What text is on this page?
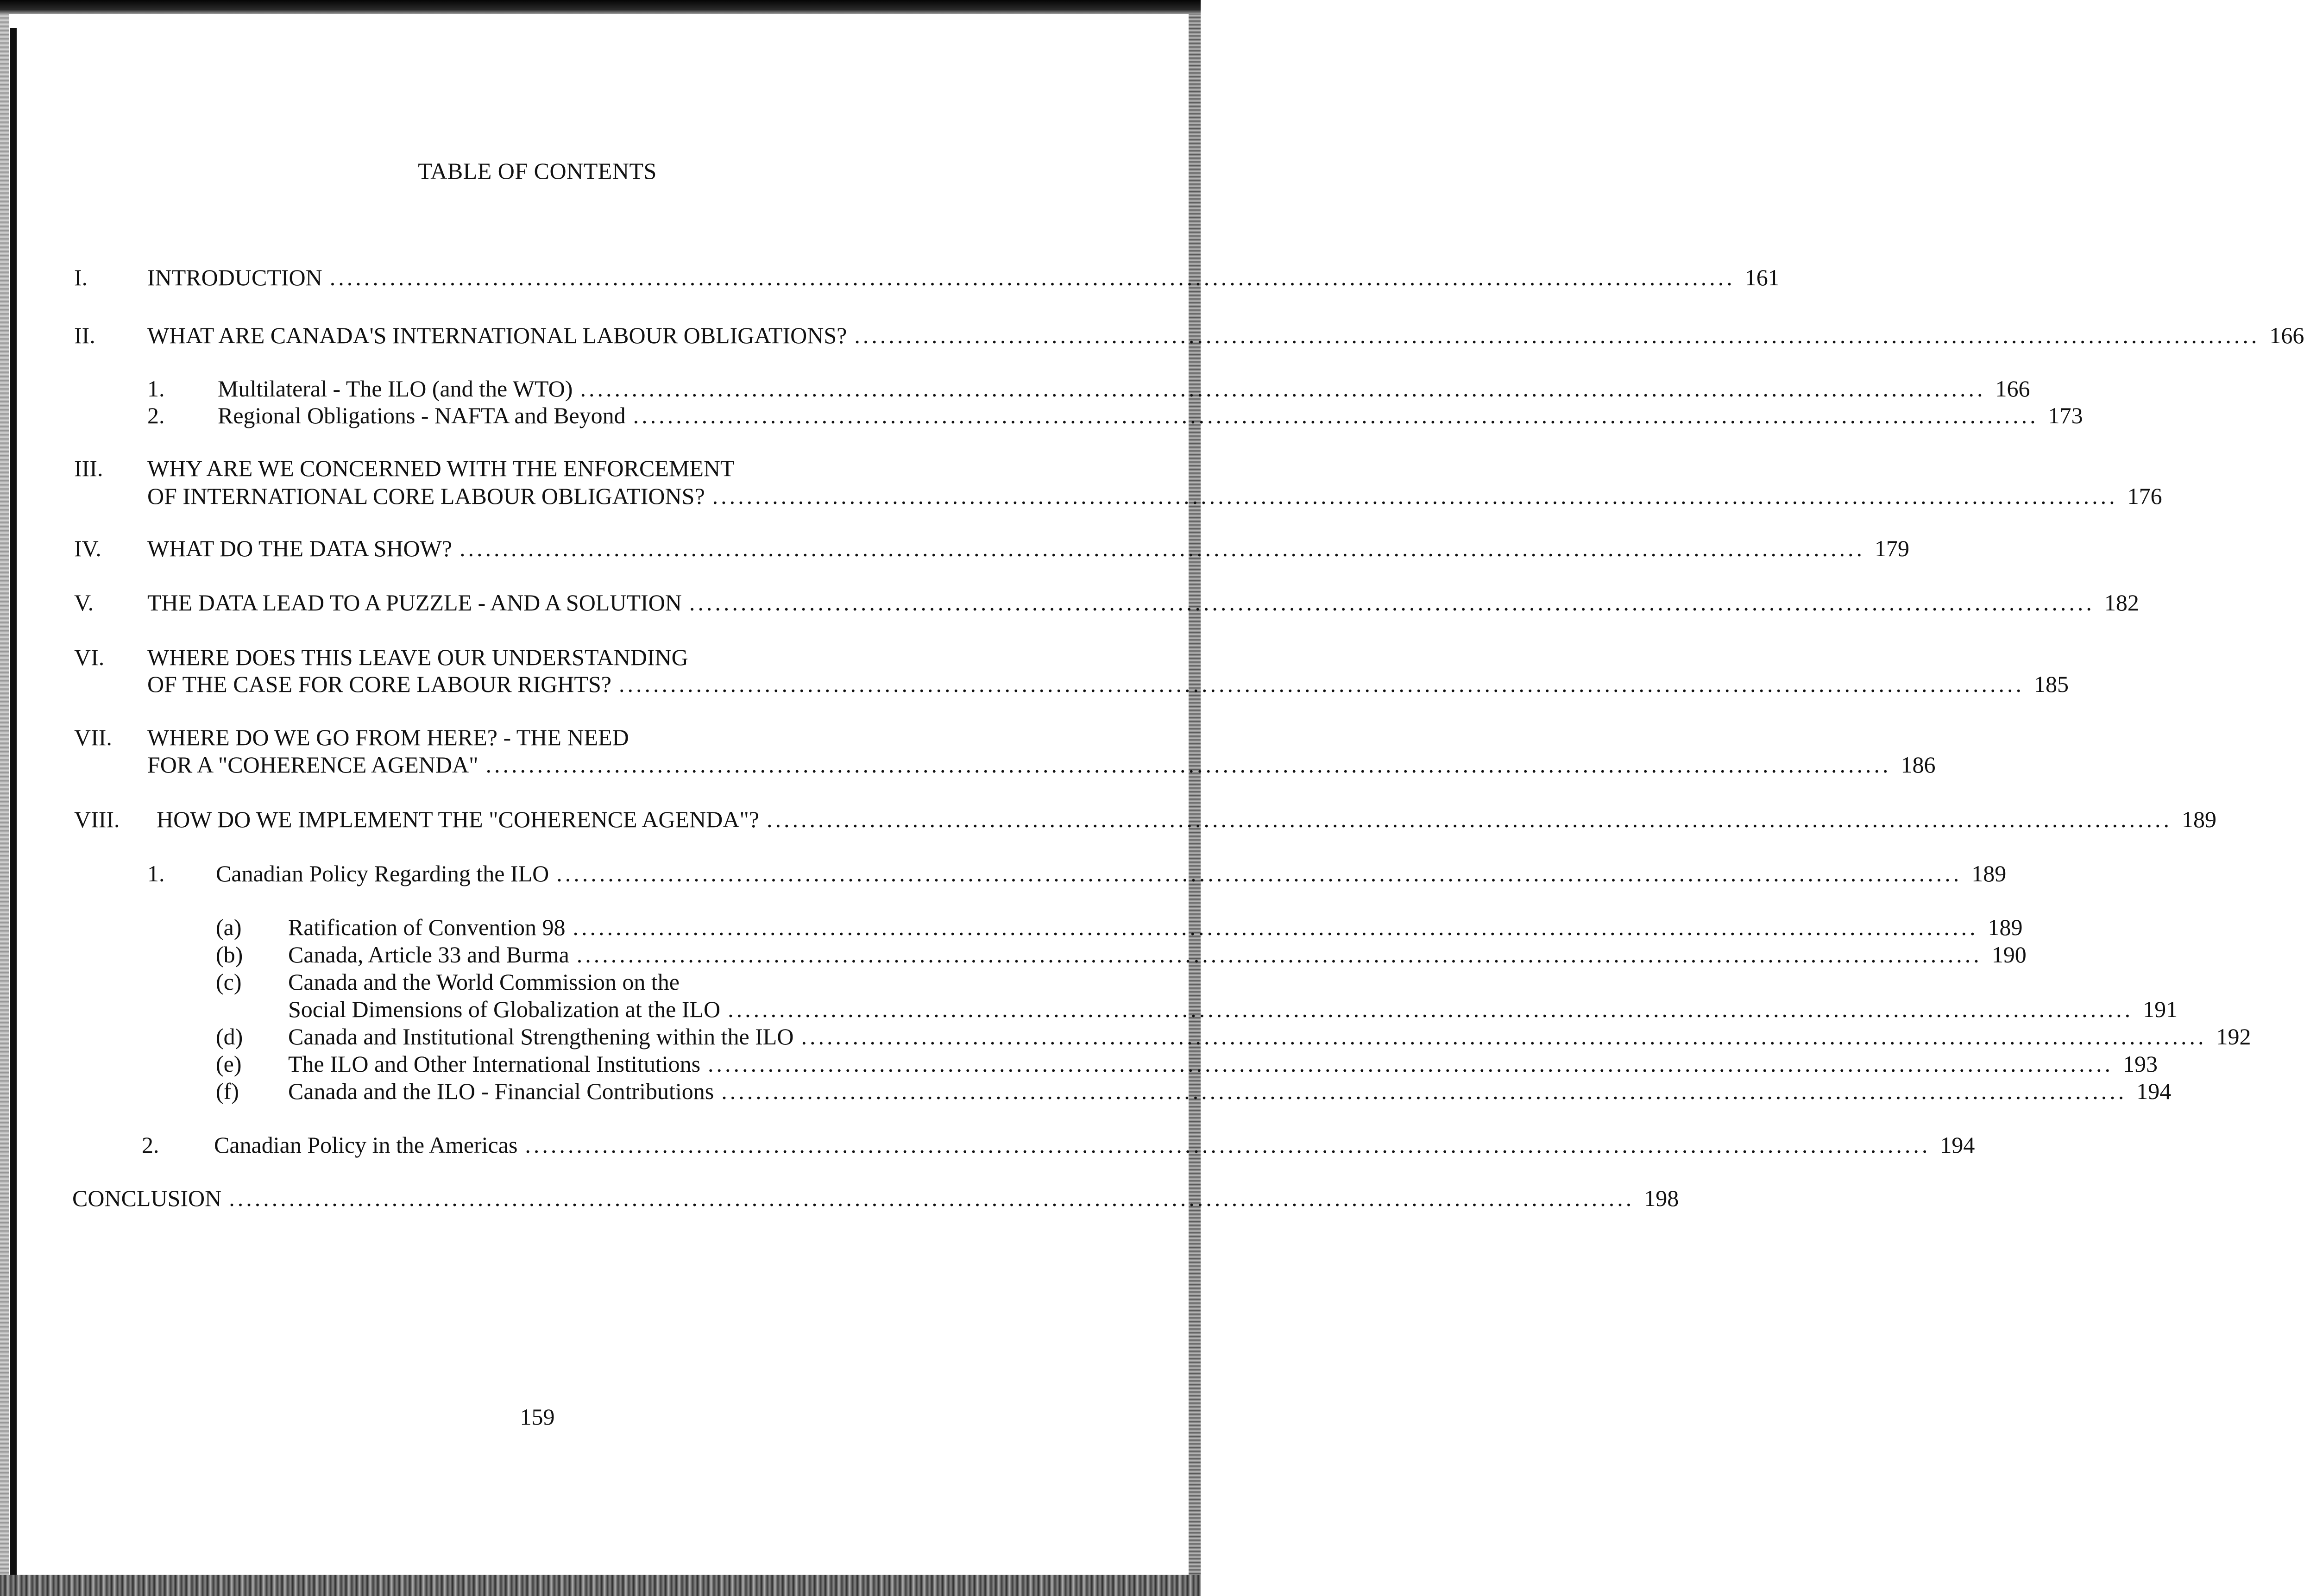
TABLE OF CONTENTS
I.	INTRODUCTION .................................................................................................................................................................... 161
II. WHAT ARE CANADA'S INTERNATIONAL LABOUR OBLIGATIONS? .................................................................................................................................................................... 166
1. Multilateral - The ILO (and the WTO) .................................................................................................................................................................... 166
2. Regional Obligations - NAFTA and Beyond .................................................................................................................................................................... 173
III. WHY ARE WE CONCERNED WITH THE ENFORCEMENT
OF INTERNATIONAL CORE LABOUR OBLIGATIONS? .................................................................................................................................................................... 176
IV. WHAT DO THE DATA SHOW? .................................................................................................................................................................... 179
V. THE DATA LEAD TO A PUZZLE - AND A SOLUTION .................................................................................................................................................................... 182
VI. WHERE DOES THIS LEAVE OUR UNDERSTANDING
OF THE CASE FOR CORE LABOUR RIGHTS? .................................................................................................................................................................... 185
VII. WHERE DO WE GO FROM HERE? - THE NEED
FOR A "COHERENCE AGENDA" .................................................................................................................................................................... 186
VIII. HOW DO WE IMPLEMENT THE "COHERENCE AGENDA"? .................................................................................................................................................................... 189
1. Canadian Policy Regarding the ILO .................................................................................................................................................................... 189
(a) Ratification of Convention 98 .................................................................................................................................................................... 189
(b) Canada, Article 33 and Burma .................................................................................................................................................................... 190
(c) Canada and the World Commission on the
Social Dimensions of Globalization at the ILO .................................................................................................................................................................... 191
(d) Canada and Institutional Strengthening within the ILO .................................................................................................................................................................... 192
(e) The ILO and Other International Institutions .................................................................................................................................................................... 193
(f) Canada and the ILO - Financial Contributions .................................................................................................................................................................... 194
2. Canadian Policy in the Americas .................................................................................................................................................................... 194
CONCLUSION .................................................................................................................................................................... 198
159
